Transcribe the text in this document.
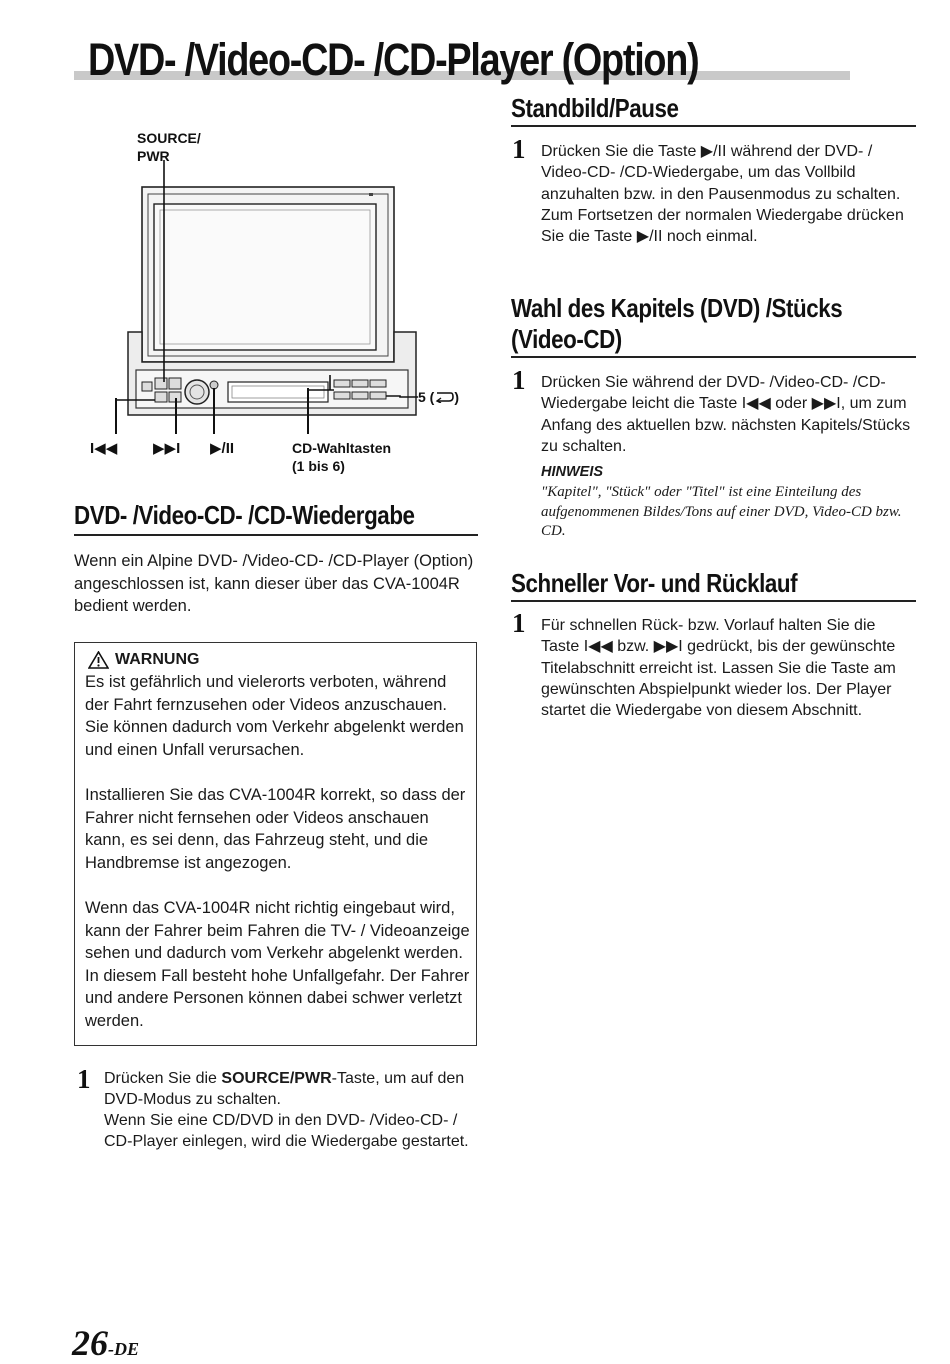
DVD- /Video-CD- /CD-Player (Option)
SOURCE/
PWR
5 ( )
I◀◀ ▶▶I ▶/II	CD-Wahltasten
(1 bis 6)
DVD- /Video-CD- /CD-Wiedergabe
Wenn ein Alpine DVD- /Video-CD- /CD-Player (Option) angeschlossen ist, kann dieser über das CVA-1004R bedient werden.
WARNUNG

Es ist gefährlich und vielerorts verboten, während der Fahrt fernzusehen oder Videos anzuschauen. Sie können dadurch vom Verkehr abgelenkt werden und einen Unfall verursachen.

Installieren Sie das CVA-1004R korrekt, so dass der Fahrer nicht fernsehen oder Videos anschauen kann, es sei denn, das Fahrzeug steht, und die Handbremse ist angezogen.

Wenn das CVA-1004R nicht richtig eingebaut wird, kann der Fahrer beim Fahren die TV- / Videoanzeige sehen und dadurch vom Verkehr abgelenkt werden. In diesem Fall besteht hohe Unfallgefahr. Der Fahrer und andere Personen können dabei schwer verletzt werden.

1 Drücken Sie die SOURCE/PWR-Taste, um auf den DVD-Modus zu schalten.
Wenn Sie eine CD/DVD in den DVD- /Video-CD- / CD-Player einlegen, wird die Wiedergabe gestartet.
Standbild/Pause
1 Drücken Sie die Taste ▶/II während der DVD- / Video-CD- /CD-Wiedergabe, um das Vollbild anzuhalten bzw. in den Pausenmodus zu schalten. Zum Fortsetzen der normalen Wiedergabe drücken Sie die Taste ▶/II noch einmal.
Wahl des Kapitels (DVD) /Stücks
(Video-CD)
1 Drücken Sie während der DVD- /Video-CD- /CD-Wiedergabe leicht die Taste I◀◀ oder ▶▶I, um zum Anfang des aktuellen bzw. nächsten Kapitels/Stücks zu schalten.
HINWEIS
"Kapitel", "Stück" oder "Titel" ist eine Einteilung des aufgenommenen Bildes/Tons auf einer DVD, Video-CD bzw. CD.
Schneller Vor- und Rücklauf
1 Für schnellen Rück- bzw. Vorlauf halten Sie die Taste I◀◀ bzw. ▶▶I gedrückt, bis der gewünschte Titelabschnitt erreicht ist. Lassen Sie die Taste am gewünschten Abspielpunkt wieder los. Der Player startet die Wiedergabe von diesem Abschnitt.
26-DE
